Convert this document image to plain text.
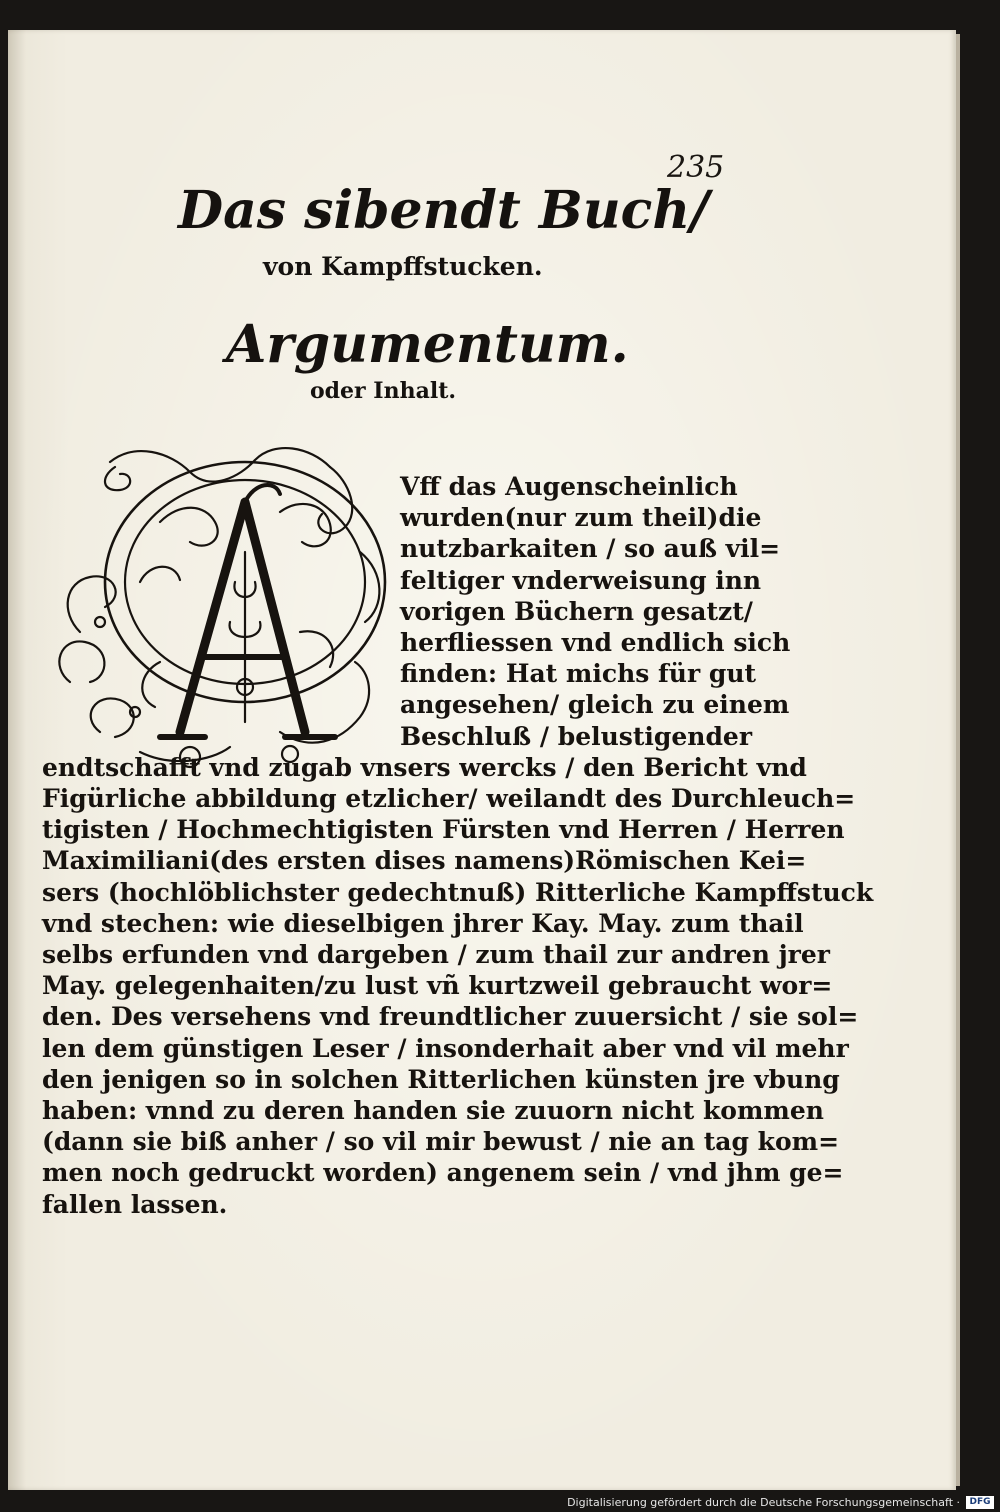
235
Das sibendt Buch/
von Kampffstucken.
Argumentum.
oder Inhalt.
Vff das Augenscheinlich
wurden(nur zum theil)die
nutzbarkaiten / so auß vil=
feltiger vnderweisung inn
vorigen Büchern gesatzt/
herfliessen vnd endlich sich
finden: Hat michs für gut
angesehen/ gleich zu einem
Beschluß / belustigender
endtschafft vnd zugab vnsers wercks / den Bericht vnd
Figürliche abbildung etzlicher/ weilandt des Durchleuch=
tigisten / Hochmechtigisten Fürsten vnd Herren / Herren
Maximiliani(des ersten dises namens)Römischen Kei=
sers (hochlöblichster gedechtnuß) Ritterliche Kampffstuck
vnd stechen: wie dieselbigen jhrer Kay. May. zum thail
selbs erfunden vnd dargeben / zum thail zur andren jrer
May. gelegenhaiten/zu lust vñ kurtzweil gebraucht wor=
den. Des versehens vnd freundtlicher zuuersicht / sie sol=
len dem günstigen Leser / insonderhait aber vnd vil mehr
den jenigen so in solchen Ritterlichen künsten jre vbung
haben: vnnd zu deren handen sie zuuorn nicht kommen
(dann sie biß anher / so vil mir bewust / nie an tag kom=
men noch gedruckt worden) angenem sein / vnd jhm ge=
fallen lassen.
Digitalisierung gefördert durch die Deutsche Forschungsgemeinschaft ·	DFG
